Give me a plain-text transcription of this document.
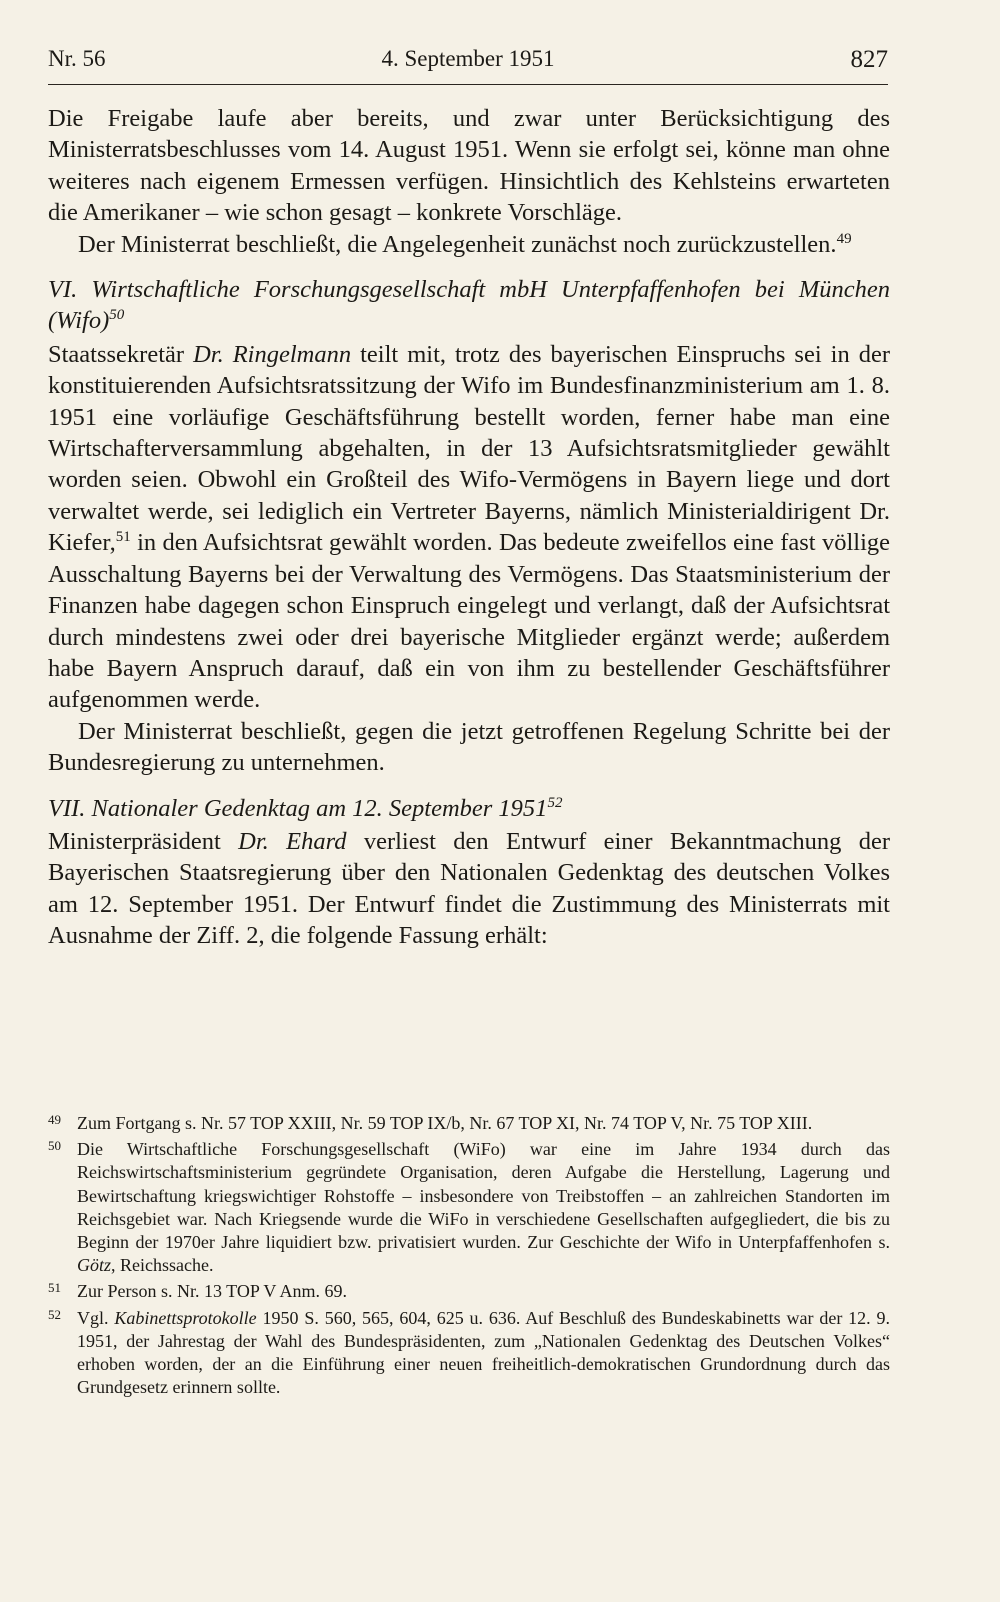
Nr. 56	4. September 1951	827

Die Freigabe laufe aber bereits, und zwar unter Berücksichtigung des Ministerratsbeschlusses vom 14. August 1951. Wenn sie erfolgt sei, könne man ohne weiteres nach eigenem Ermessen verfügen. Hinsichtlich des Kehlsteins erwarteten die Amerikaner – wie schon gesagt – konkrete Vorschläge.

Der Ministerrat beschließt, die Angelegenheit zunächst noch zurückzustellen.$^{49}$

VI. Wirtschaftliche Forschungsgesellschaft mbH Unterpfaffenhofen bei München (Wifo)$^{50}$

Staatssekretär Dr. Ringelmann teilt mit, trotz des bayerischen Einspruchs sei in der konstituierenden Aufsichtsratssitzung der Wifo im Bundesfinanzministerium am 1. 8. 1951 eine vorläufige Geschäftsführung bestellt worden, ferner habe man eine Wirtschafterversammlung abgehalten, in der 13 Aufsichtsratsmitglieder gewählt worden seien. Obwohl ein Großteil des Wifo-Vermögens in Bayern liege und dort verwaltet werde, sei lediglich ein Vertreter Bayerns, nämlich Ministerialdirigent Dr. Kiefer,$^{51}$ in den Aufsichtsrat gewählt worden. Das bedeute zweifellos eine fast völlige Ausschaltung Bayerns bei der Verwaltung des Vermögens. Das Staatsministerium der Finanzen habe dagegen schon Einspruch eingelegt und verlangt, daß der Aufsichtsrat durch mindestens zwei oder drei bayerische Mitglieder ergänzt werde; außerdem habe Bayern Anspruch darauf, daß ein von ihm zu bestellender Geschäftsführer aufgenommen werde.

Der Ministerrat beschließt, gegen die jetzt getroffenen Regelung Schritte bei der Bundesregierung zu unternehmen.

VII. Nationaler Gedenktag am 12. September 1951$^{52}$

Ministerpräsident Dr. Ehard verliest den Entwurf einer Bekanntmachung der Bayerischen Staatsregierung über den Nationalen Gedenktag des deutschen Volkes am 12. September 1951. Der Entwurf findet die Zustimmung des Ministerrats mit Ausnahme der Ziff. 2, die folgende Fassung erhält:

49 Zum Fortgang s. Nr. 57 TOP XXIII, Nr. 59 TOP IX/b, Nr. 67 TOP XI, Nr. 74 TOP V, Nr. 75 TOP XIII.

50 Die Wirtschaftliche Forschungsgesellschaft (WiFo) war eine im Jahre 1934 durch das Reichswirtschaftsministerium gegründete Organisation, deren Aufgabe die Herstellung, Lagerung und Bewirtschaftung kriegswichtiger Rohstoffe – insbesondere von Treibstoffen – an zahlreichen Standorten im Reichsgebiet war. Nach Kriegsende wurde die WiFo in verschiedene Gesellschaften aufgegliedert, die bis zu Beginn der 1970er Jahre liquidiert bzw. privatisiert wurden. Zur Geschichte der Wifo in Unterpfaffenhofen s. Götz, Reichssache.

51 Zur Person s. Nr. 13 TOP V Anm. 69.

52 Vgl. Kabinettsprotokolle 1950 S. 560, 565, 604, 625 u. 636. Auf Beschluß des Bundeskabinetts war der 12. 9. 1951, der Jahrestag der Wahl des Bundespräsidenten, zum „Nationalen Gedenktag des Deutschen Volkes“ erhoben worden, der an die Einführung einer neuen freiheitlich-demokratischen Grundordnung durch das Grundgesetz erinnern sollte.
